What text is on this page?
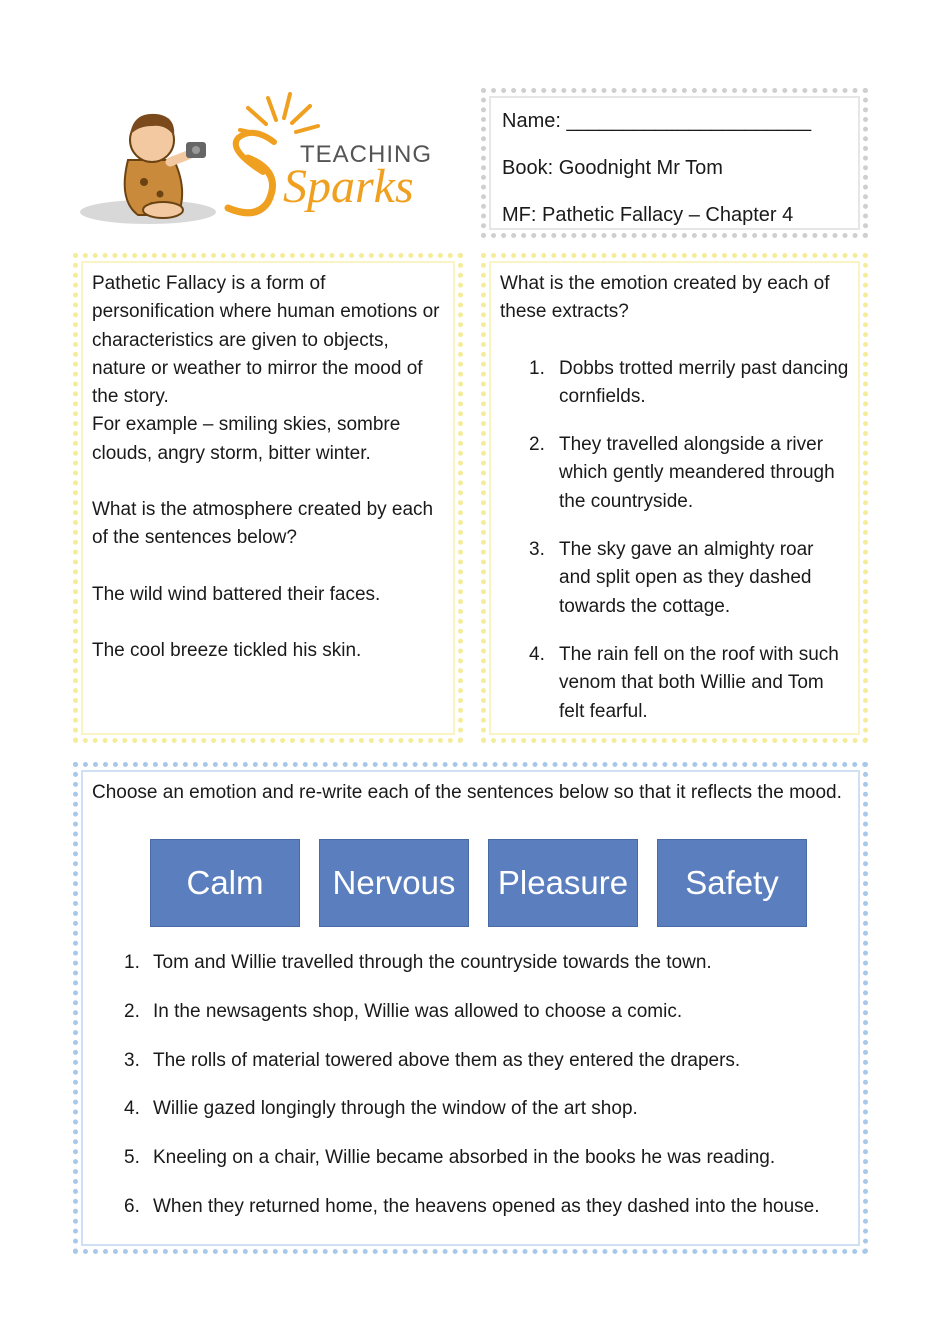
TEACHING
Sparks

Name: ______________________

Book: Goodnight Mr Tom

MF: Pathetic Fallacy – Chapter 4

Pathetic Fallacy is a form of personification where human emotions or characteristics are given to objects, nature or weather to mirror the mood of the story.

For example – smiling skies, sombre clouds, angry storm, bitter winter.

What is the atmosphere created by each of the sentences below?

The wild wind battered their faces.

The cool breeze tickled his skin.

What is the emotion created by each of these extracts?

1. Dobbs trotted merrily past dancing cornfields.
2. They travelled alongside a river which gently meandered through the countryside.
3. The sky gave an almighty roar and split open as they dashed towards the cottage.
4. The rain fell on the roof with such venom that both Willie and Tom felt fearful.

Choose an emotion and re-write each of the sentences below so that it reflects the mood.

Calm	Nervous	Pleasure	Safety
1. Tom and Willie travelled through the countryside towards the town.
2. In the newsagents shop, Willie was allowed to choose a comic.
3. The rolls of material towered above them as they entered the drapers.
4. Willie gazed longingly through the window of the art shop.
5. Kneeling on a chair, Willie became absorbed in the books he was reading.
6. When they returned home, the heavens opened as they dashed into the house.
